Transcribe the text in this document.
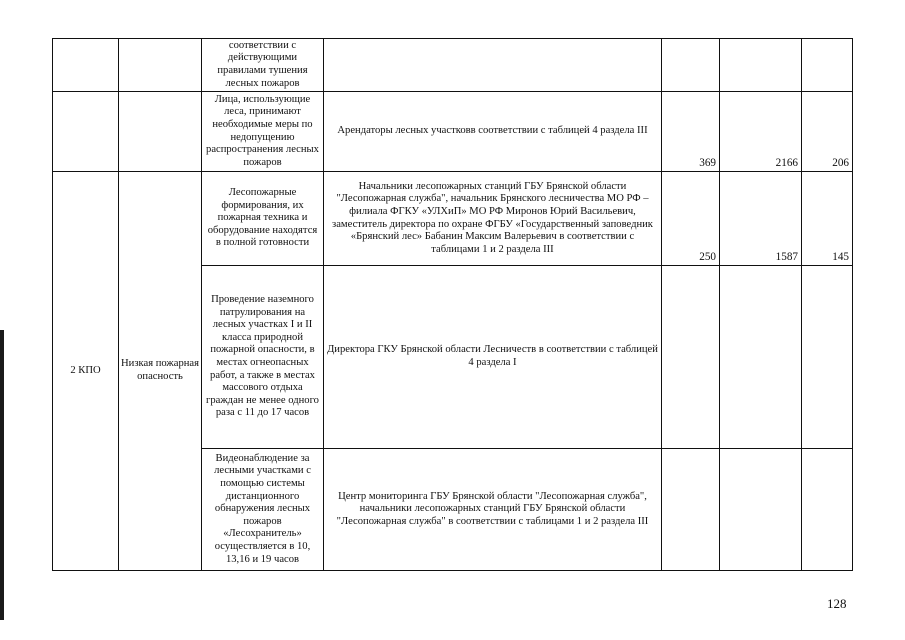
		соответствии с действующими правилами тушения лесных пожаров				
		Лица, использующие леса, принимают необходимые меры по недопущению распространения лесных пожаров	Арендаторы лесных участковв соответствии с таблицей 4 раздела III	369	2166	206
2 КПО	Низкая пожарная опасность	Лесопожарные формирования, их пожарная техника и оборудование находятся в полной готовности	Начальники лесопожарных станций ГБУ Брянской области "Лесопожарная служба", начальник Брянского лесничества МО РФ –филиала ФГКУ «УЛХиП» МО РФ Миронов Юрий Васильевич, заместитель директора по охране ФГБУ «Государственный заповедник «Брянский лес» Бабанин Максим Валерьевич в соответствии с таблицами 1 и 2 раздела III	250	1587	145
		Проведение наземного патрулирования на лесных участках I и II класса природной пожарной опасности, в местах огнеопасных работ, а также в местах массового отдыха граждан не менее одного раза с 11 до 17 часов	Директора ГКУ Брянской области Лесничеств в соответствии с таблицей 4 раздела I			
		Видеонаблюдение за лесными участками с помощью системы дистанционного обнаружения лесных пожаров «Лесохранитель» осуществляется в 10, 13,16 и 19 часов	Центр мониторинга ГБУ Брянской области "Лесопожарная служба", начальники лесопожарных станций ГБУ Брянской области "Лесопожарная служба" в соответствии с таблицами 1 и 2 раздела III			
128
